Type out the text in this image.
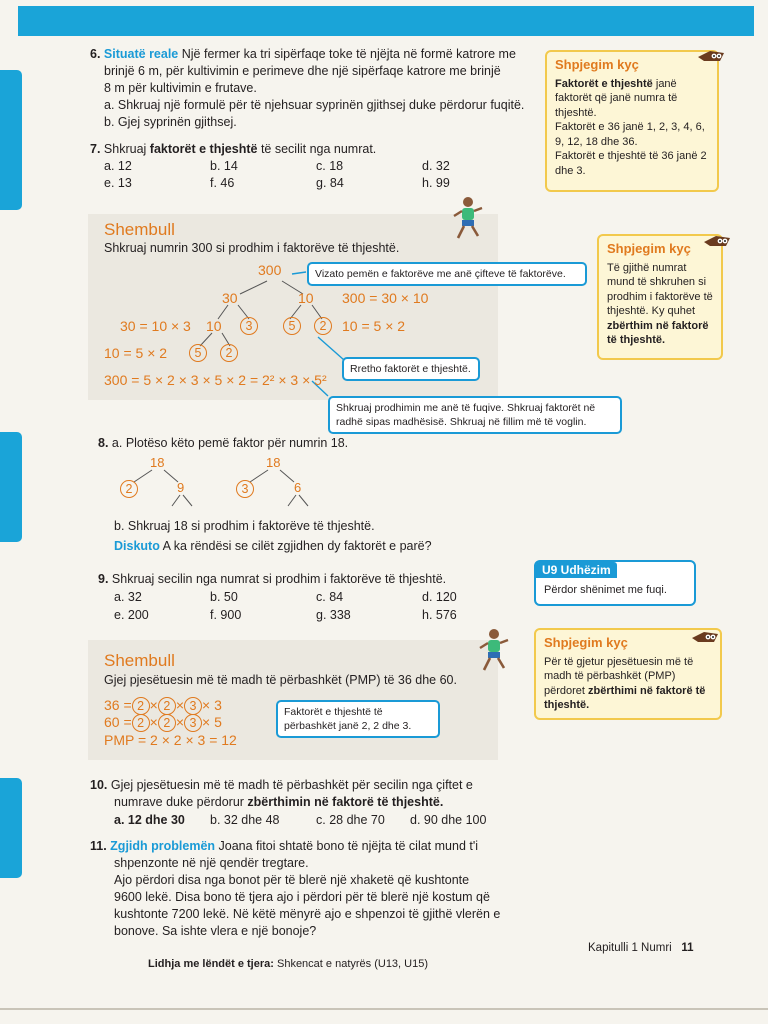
6. Situatë reale Një fermer ka tri sipërfaqe toke të njëjta në formë katrore me
brinjë 6 m, për kultivimin e perimeve dhe një sipërfaqe katrore me brinjë
8 m për kultivimin e frutave.
a. Shkruaj një formulë për të njehsuar syprinën gjithsej duke përdorur fuqitë.
b. Gjej syprinën gjithsej.
7. Shkruaj faktorët e thjeshtë të secilit nga numrat.
a. 12	b. 14	c. 18	d. 32
e. 13	f. 46	g. 84	h. 99
Shpjegim kyç
Faktorët e thjeshtë janë faktorët që janë numra të thjeshtë.
Faktorët e 36 janë 1, 2, 3, 4, 6, 9, 12, 18 dhe 36.
Faktorët e thjeshtë të 36 janë 2 dhe 3.
Shembull
Shkruaj numrin 300 si prodhim i faktorëve të thjeshtë.
300
30	10 300 = 30 × 10
30 = 10 × 3 10	3	5	2	10 = 5 × 2
10 = 5 × 2	5	2
300 = 5 × 2 × 3 × 5 × 2 = 2² × 3 × 5²
Vizato pemën e faktorëve me anë çifteve të faktorëve.
Rretho faktorët e thjeshtë.
Shkruaj prodhimin me anë të fuqive. Shkruaj faktorët në radhë sipas madhësisë. Shkruaj në fillim më të voglin.
Shpjegim kyç
Të gjithë numrat mund të shkruhen si prodhim i faktorëve të thjeshtë. Ky quhet zbërthim në faktorë të thjeshtë.
8. a. Plotëso këto pemë faktor për numrin 18.
18
2	9
18
3	6
b. Shkruaj 18 si prodhim i faktorëve të thjeshtë.
Diskuto A ka rëndësi se cilët zgjidhen dy faktorët e parë?
U9 Udhëzim
Përdor shënimet me fuqi.
9. Shkruaj secilin nga numrat si prodhim i faktorëve të thjeshtë.
a. 32	b. 50	c. 84	d. 120
e. 200	f. 900	g. 338	h. 576
Shpjegim kyç
Për të gjetur pjesëtuesin më të madh të përbashkët (PMP) përdoret zbërthimi në faktorë të thjeshtë.
Shembull
Gjej pjesëtuesin më të madh të përbashkët (PMP) të 36 dhe 60.
36 = 2 × 2 × 3 × 3
60 = 2 × 2 × 3 × 5
PMP = 2 × 2 × 3 = 12
Faktorët e thjeshtë të përbashkët janë 2, 2 dhe 3.
10. Gjej pjesëtuesin më të madh të përbashkët për secilin nga çiftet e
numrave duke përdorur zbërthimin në faktorë të thjeshtë.
a. 12 dhe 30 b. 32 dhe 48	c. 28 dhe 70 d. 90 dhe 100
11. Zgjidh problemën Joana fitoi shtatë bono të njëjta të cilat mund t'i
shpenzonte në një qendër tregtare.
Ajo përdori disa nga bonot për të blerë një xhaketë që kushtonte
9600 lekë. Disa bono të tjera ajo i përdori për të blerë një kostum që
kushtonte 7200 lekë. Në këtë mënyrë ajo e shpenzoi të gjithë vlerën e
bonove. Sa ishte vlera e një bonoje?
Kapitulli 1 Numri 11
Lidhja me lëndët e tjera: Shkencat e natyrës (U13, U15)
